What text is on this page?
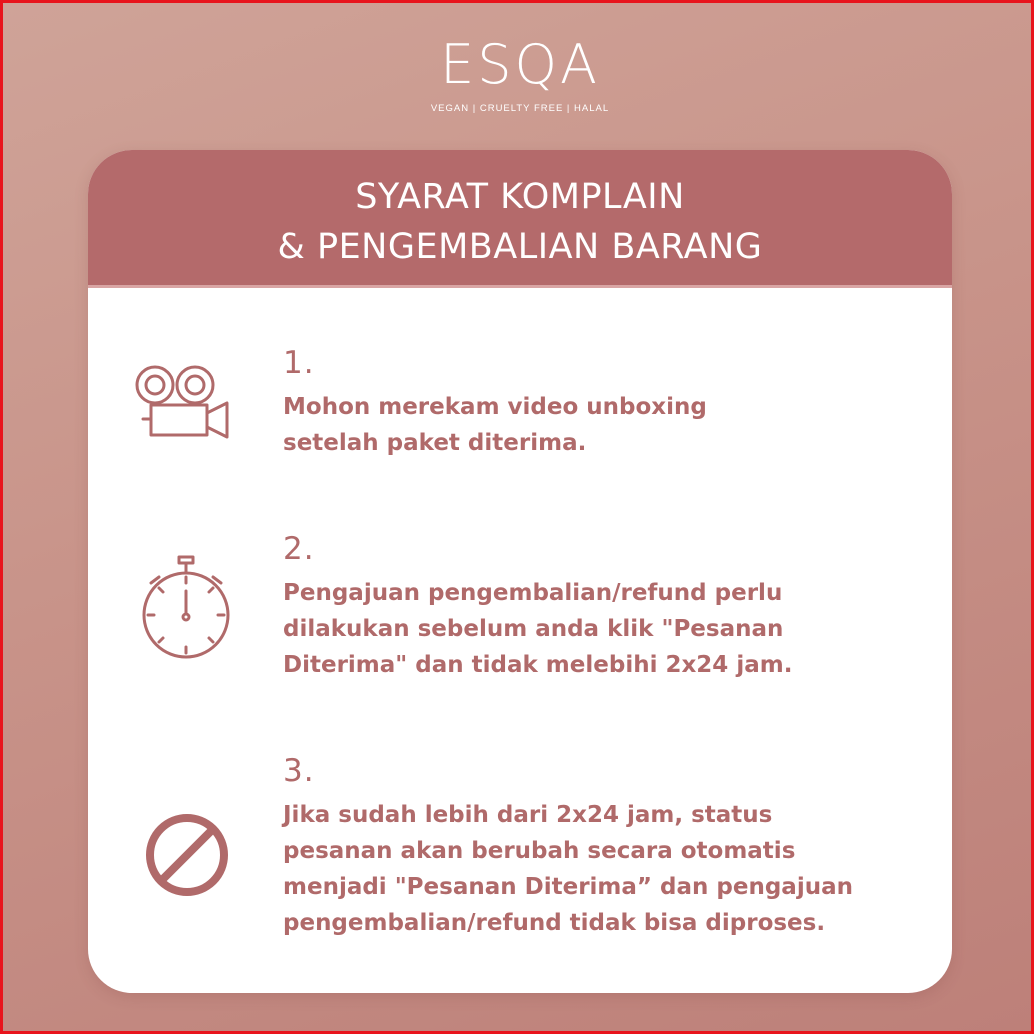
ESQA
VEGAN | CRUELTY FREE | HALAL
SYARAT KOMPLAIN
& PENGEMBALIAN BARANG
1.
Mohon merekam video unboxing
setelah paket diterima.
2.
Pengajuan pengembalian/refund perlu
dilakukan sebelum anda klik "Pesanan
Diterima" dan tidak melebihi 2x24 jam.
3.
Jika sudah lebih dari 2x24 jam, status
pesanan akan berubah secara otomatis
menjadi "Pesanan Diterima” dan pengajuan
pengembalian/refund tidak bisa diproses.
